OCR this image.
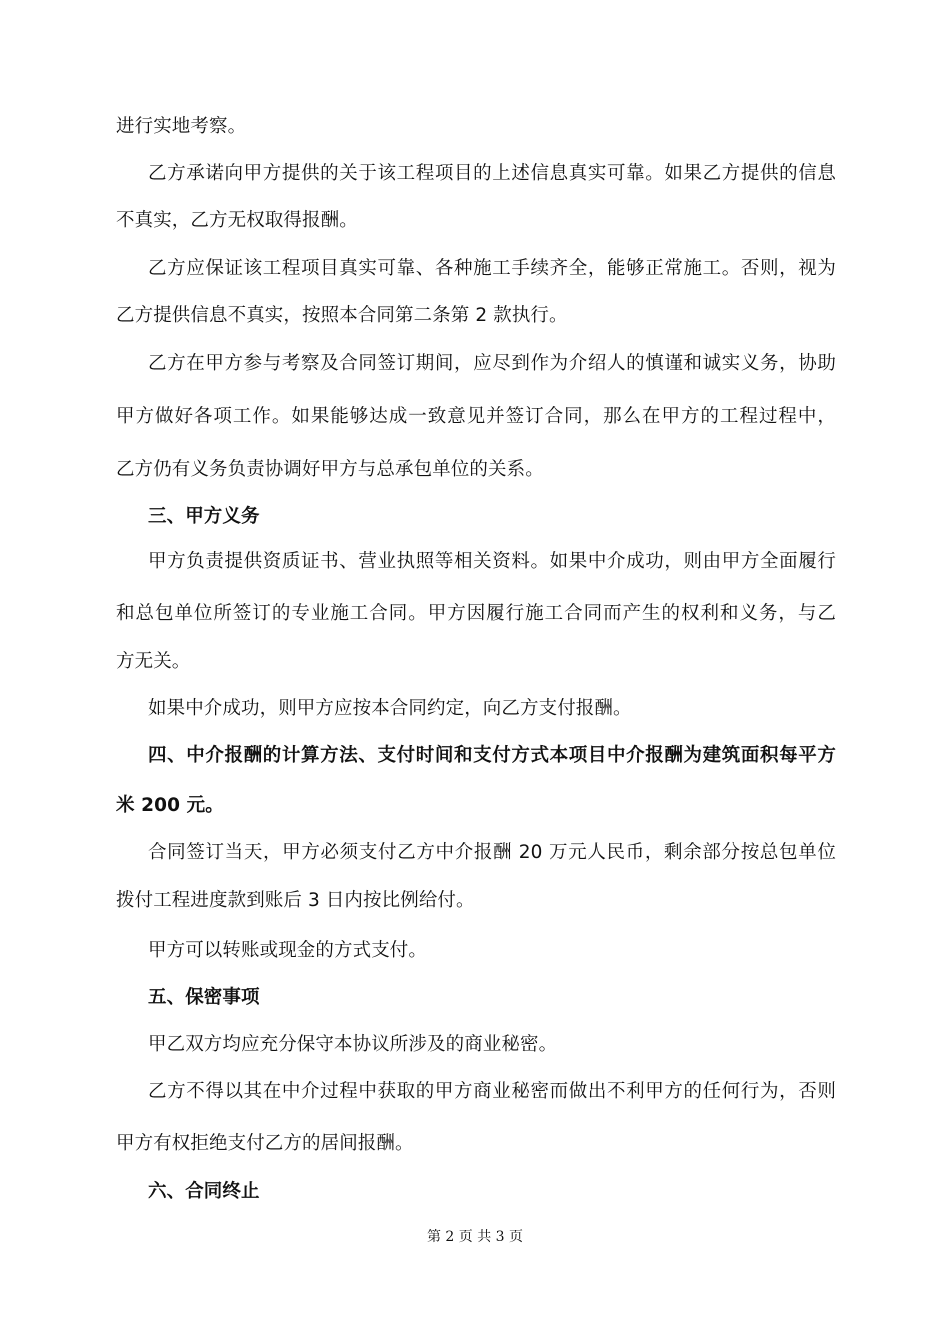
进行实地考察。
乙方承诺向甲方提供的关于该工程项目的上述信息真实可靠。如果乙方提供的信息
不真实，乙方无权取得报酬。
乙方应保证该工程项目真实可靠、各种施工手续齐全，能够正常施工。否则，视为
乙方提供信息不真实，按照本合同第二条第 2 款执行。
乙方在甲方参与考察及合同签订期间，应尽到作为介绍人的慎谨和诚实义务，协助
甲方做好各项工作。如果能够达成一致意见并签订合同，那么在甲方的工程过程中，
乙方仍有义务负责协调好甲方与总承包单位的关系。
三、甲方义务
甲方负责提供资质证书、营业执照等相关资料。如果中介成功，则由甲方全面履行
和总包单位所签订的专业施工合同。甲方因履行施工合同而产生的权利和义务，与乙
方无关。
如果中介成功，则甲方应按本合同约定，向乙方支付报酬。
四、中介报酬的计算方法、支付时间和支付方式本项目中介报酬为建筑面积每平方
米 200 元。
合同签订当天，甲方必须支付乙方中介报酬 20 万元人民币，剩余部分按总包单位
拨付工程进度款到账后 3 日内按比例给付。
甲方可以转账或现金的方式支付。
五、保密事项
甲乙双方均应充分保守本协议所涉及的商业秘密。
乙方不得以其在中介过程中获取的甲方商业秘密而做出不利甲方的任何行为，否则
甲方有权拒绝支付乙方的居间报酬。
六、合同终止
第 2 页 共 3 页
